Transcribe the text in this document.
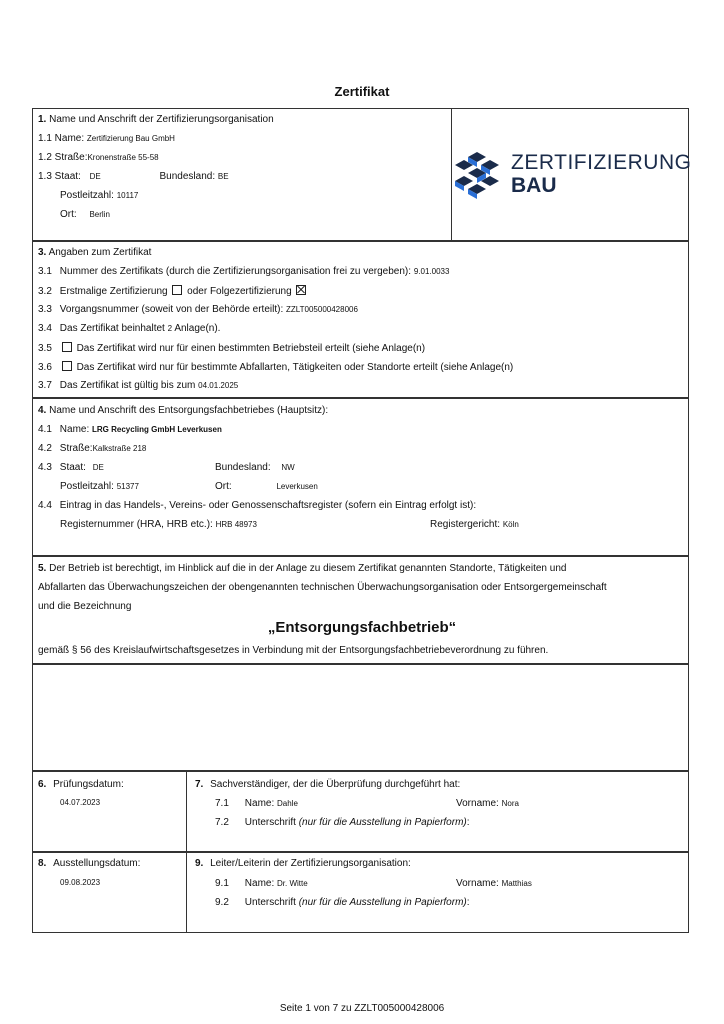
Zertifikat
1. Name und Anschrift der Zertifizierungsorganisation
1.1 Name: Zertifizierung Bau GmbH
1.2 Straße:Kronenstraße 55-58
1.3 Staat: DE	Bundesland: BE
Postleitzahl: 10117
Ort: Berlin
ZERTIFIZIERUNG
BAU
3. Angaben zum Zertifikat
3.1 Nummer des Zertifikats (durch die Zertifizierungsorganisation frei zu vergeben): 9.01.0033
3.2 Erstmalige Zertifizierung oder Folgezertifizierung
3.3 Vorgangsnummer (soweit von der Behörde erteilt): ZZLT005000428006
3.4 Das Zertifikat beinhaltet 2 Anlage(n).
3.5 Das Zertifikat wird nur für einen bestimmten Betriebsteil erteilt (siehe Anlage(n)
3.6 Das Zertifikat wird nur für bestimmte Abfallarten, Tätigkeiten oder Standorte erteilt (siehe Anlage(n)
3.7 Das Zertifikat ist gültig bis zum 04.01.2025
4. Name und Anschrift des Entsorgungsfachbetriebes (Hauptsitz):
4.1 Name: LRG Recycling GmbH Leverkusen
4.2 Straße:Kalkstraße 218
4.3 Staat: DE	Bundesland: NW
Postleitzahl: 51377	Ort:	Leverkusen
4.4 Eintrag in das Handels-, Vereins- oder Genossenschaftsregister (sofern ein Eintrag erfolgt ist):
Registernummer (HRA, HRB etc.): HRB 48973	Registergericht: Köln
5. Der Betrieb ist berechtigt, im Hinblick auf die in der Anlage zu diesem Zertifikat genannten Standorte, Tätigkeiten und
Abfallarten das Überwachungszeichen der obengenannten technischen Überwachungsorganisation oder Entsorgergemeinschaft
und die Bezeichnung
„Entsorgungsfachbetrieb“
gemäß § 56 des Kreislaufwirtschaftsgesetzes in Verbindung mit der Entsorgungsfachbetriebeverordnung zu führen.
6. Prüfungsdatum:
04.07.2023
7. Sachverständiger, der die Überprüfung durchgeführt hat:
7.1 Name: Dahle	Vorname: Nora
7.2 Unterschrift (nur für die Ausstellung in Papierform):
8. Ausstellungsdatum:
09.08.2023
9. Leiter/Leiterin der Zertifizierungsorganisation:
9.1 Name: Dr. Witte	Vorname: Matthias
9.2 Unterschrift (nur für die Ausstellung in Papierform):
Seite 1 von 7 zu ZZLT005000428006
